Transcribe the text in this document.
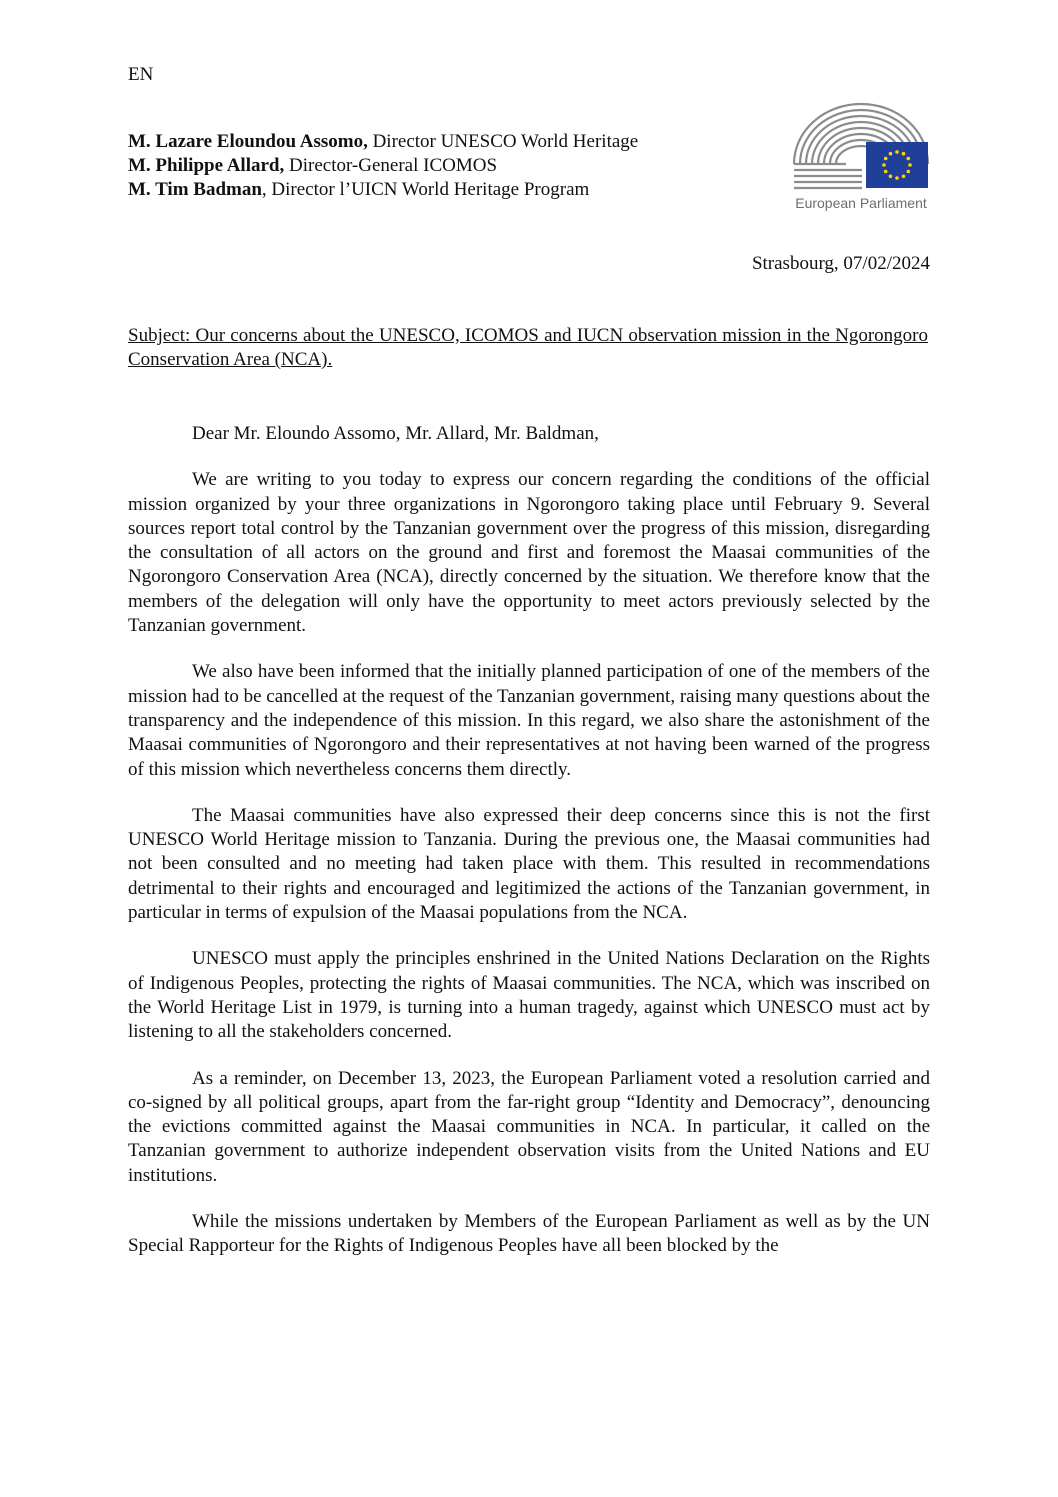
EN
M. Lazare Eloundou Assomo, Director UNESCO World Heritage
M. Philippe Allard, Director-General ICOMOS
M. Tim Badman, Director l’UICN World Heritage Program
European Parliament
Strasbourg, 07/02/2024
Subject: Our concerns about the UNESCO, ICOMOS and IUCN observation mission in the Ngorongoro Conservation Area (NCA).

Dear Mr. Eloundo Assomo, Mr. Allard, Mr. Baldman,

We are writing to you today to express our concern regarding the conditions of the official mission organized by your three organizations in Ngorongoro taking place until February 9. Several sources report total control by the Tanzanian government over the progress of this mission, disregarding the consultation of all actors on the ground and first and foremost the Maasai communities of the Ngorongoro Conservation Area (NCA), directly concerned by the situation. We therefore know that the members of the delegation will only have the opportunity to meet actors previously selected by the Tanzanian government.

We also have been informed that the initially planned participation of one of the members of the mission had to be cancelled at the request of the Tanzanian government, raising many questions about the transparency and the independence of this mission. In this regard, we also share the astonishment of the Maasai communities of Ngorongoro and their representatives at not having been warned of the progress of this mission which nevertheless concerns them directly.

The Maasai communities have also expressed their deep concerns since this is not the first UNESCO World Heritage mission to Tanzania. During the previous one, the Maasai communities had not been consulted and no meeting had taken place with them. This resulted in recommendations detrimental to their rights and encouraged and legitimized the actions of the Tanzanian government, in particular in terms of expulsion of the Maasai populations from the NCA.

UNESCO must apply the principles enshrined in the United Nations Declaration on the Rights of Indigenous Peoples, protecting the rights of Maasai communities. The NCA, which was inscribed on the World Heritage List in 1979, is turning into a human tragedy, against which UNESCO must act by listening to all the stakeholders concerned.

As a reminder, on December 13, 2023, the European Parliament voted a resolution carried and co-signed by all political groups, apart from the far-right group “Identity and Democracy”, denouncing the evictions committed against the Maasai communities in NCA. In particular, it called on the Tanzanian government to authorize independent observation visits from the United Nations and EU institutions.

While the missions undertaken by Members of the European Parliament as well as by the UN Special Rapporteur for the Rights of Indigenous Peoples have all been blocked by the
